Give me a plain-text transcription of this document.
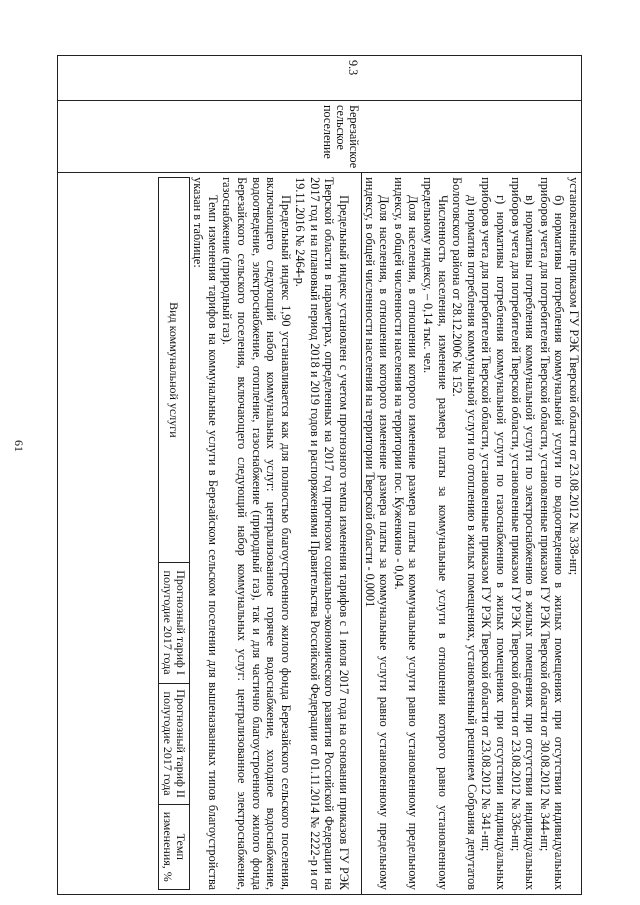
61
			установленные приказом ГУ РЭК Тверской области от 23.08.2012 № 338-нп;

б) нормативы потребления коммунальной услуги по водоотведению в жилых помещениях при отсутствии индивидуальных приборов учета для потребителей Тверской области, установленные приказом ГУ РЭК Тверской области от 30.08.2012 № 344-нп;

в) нормативы потребления коммунальной услуги по электроснабжению в жилых помещениях при отсутствии индивидуальных приборов учета для потребителей Тверской области, установленные приказом ГУ РЭК Тверской области от 23.08.2012 № 336-нп;

г) нормативы потребления коммунальной услуги по газоснабжению в жилых помещениях при отсутствии индивидуальных приборов учета для потребителей Тверской области, установленные приказом ГУ РЭК Тверской области от 23.08.2012 № 341-нп;

д) норматив потребления коммунальной услуги по отоплению в жилых помещениях, установленный решением Собрания депутатов Бологовского района от 28.12.2006 № 152.

Численность населения, изменение размера платы за коммунальные услуги в отношении которого равно установленному предельному индексу, – 0,14 тыс. чел.

Доля населения, в отношении которого изменение размера платы за коммунальные услуги равно установленному предельному индексу, в общей численности населения на территории пос. Куженкино - 0,04.

Доля населения, в отношении которого изменение размера платы за коммунальные услуги равно установленному предельному индексу, в общей численности населения на территории Тверской области - 0,0001

9.3	Березайское
сельское
поселение	

Предельный индекс установлен с учетом прогнозного темпа изменения тарифов с 1 июля 2017 года на основании приказов ГУ РЭК Тверской области в параметрах, определенных на 2017 год прогнозом социально-экономического развития Российской Федерации на 2017 год и на плановый период 2018 и 2019 годов и распоряжениями Правительства Российской Федерации от 01.11.2014 № 2222-р и от 19.11.2016 № 2464-р.

Предельный индекс 1,90 устанавливается как для полностью благоустроенного жилого фонда Березайского сельского поселения, включающего следующий набор коммунальных услуг: централизованное горячее водоснабжение, холодное водоснабжение, водоотведение, электроснабжение, отопление, газоснабжение (природный газ), так и для частично благоустроенного жилого фонда Березайского сельского поселения, включающего следующий набор коммунальных услуг: централизованное электроснабжение, газоснабжение (природный газ).

Темп изменения тарифов на коммунальные услуги в Березайском сельском поселении для вышеназванных типов благоустройства указан в таблице:

Вид коммунальной услуги	Прогнозный тариф I полугодие 2017 года	Прогнозный тариф II полугодие 2017 года	Темп изменения, %
